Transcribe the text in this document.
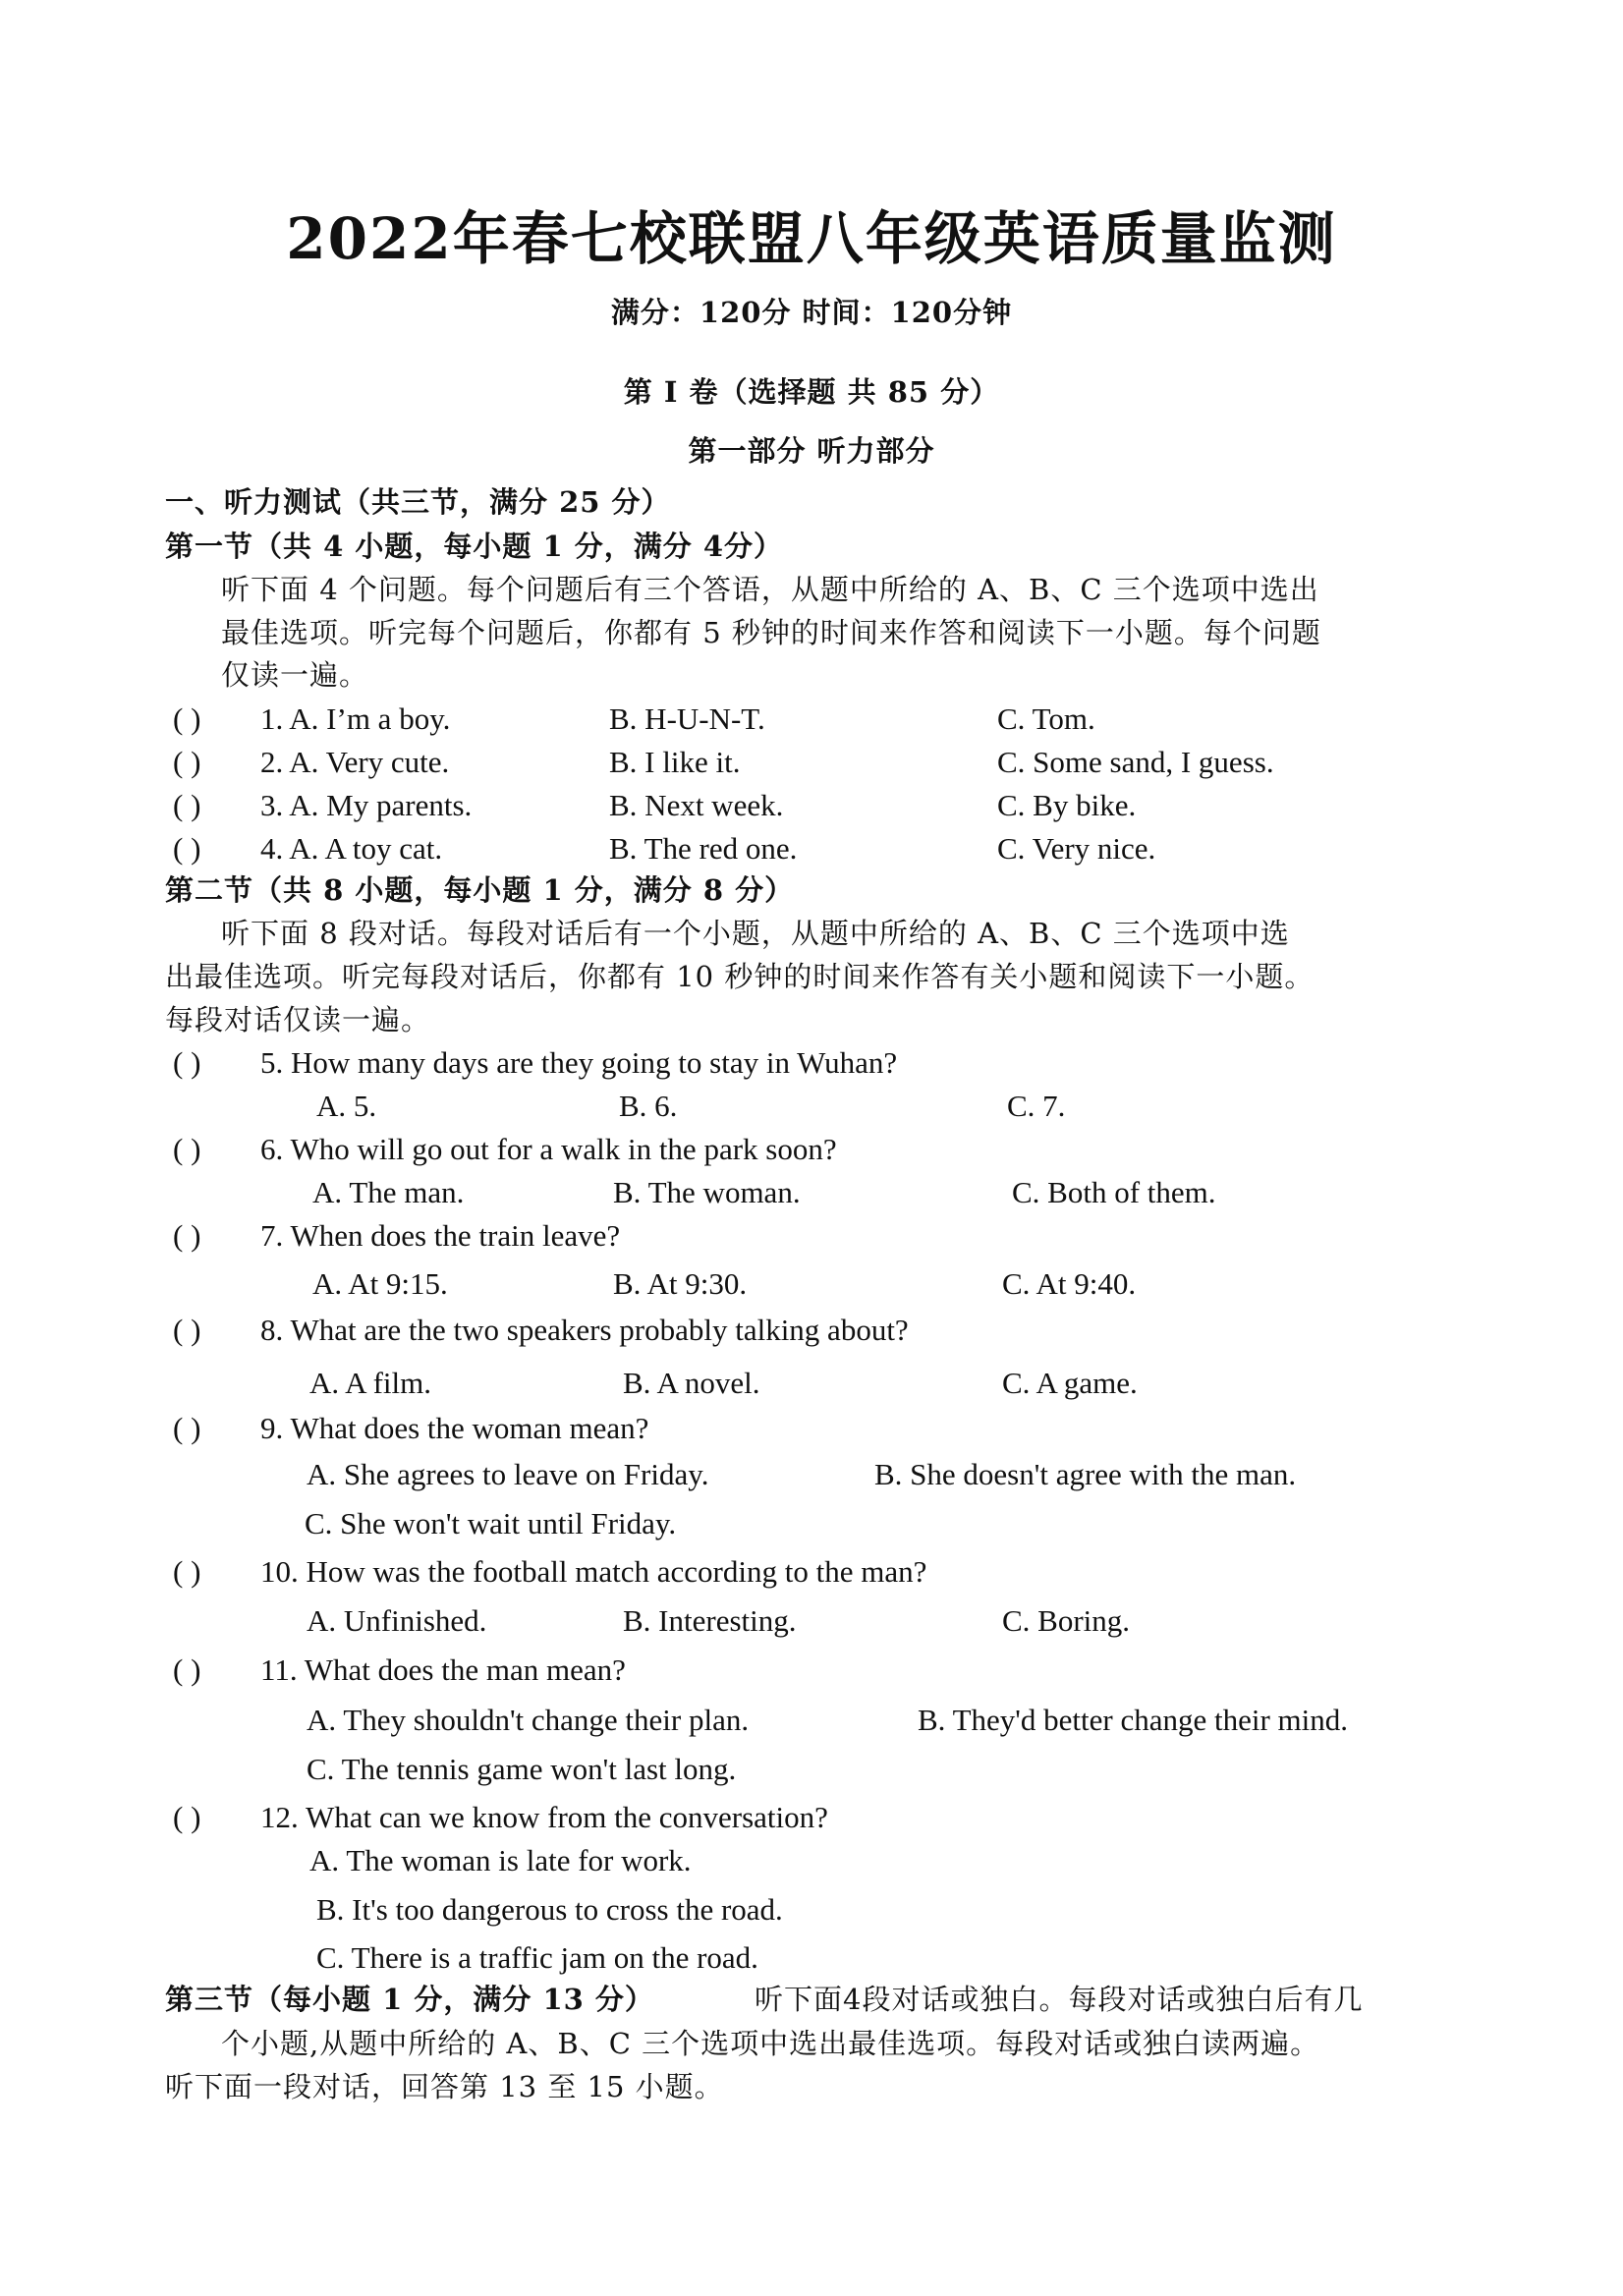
2022年春七校联盟八年级英语质量监测
满分：120分 时间：120分钟
第 I 卷（选择题 共 85 分）
第一部分 听力部分
一、听力测试（共三节，满分 25 分）
第一节（共 4 小题，每小题 1 分，满分 4分）
听下面 4 个问题。每个问题后有三个答语，从题中所给的 A、B、C 三个选项中选出
最佳选项。听完每个问题后，你都有 5 秒钟的时间来作答和阅读下一小题。每个问题
仅读一遍。
( ) 1. A. I’m a boy.	B. H-U-N-T.	C. Tom.
( ) 2. A. Very cute.	B. I like it.	C. Some sand, I guess.
( ) 3. A. My parents.	B. Next week.	C. By bike.
( ) 4. A. A toy cat.	B. The red one.	C. Very nice.
第二节（共 8 小题，每小题 1 分，满分 8 分）
听下面 8 段对话。每段对话后有一个小题，从题中所给的 A、B、C 三个选项中选
出最佳选项。听完每段对话后，你都有 10 秒钟的时间来作答有关小题和阅读下一小题。
每段对话仅读一遍。
( ) 5. How many days are they going to stay in Wuhan?
A. 5.	B. 6.	C. 7.
( ) 6. Who will go out for a walk in the park soon?
A. The man.	B. The woman.	C. Both of them.
( ) 7. When does the train leave?
A. At 9:15.	B. At 9:30.	C. At 9:40.
( ) 8. What are the two speakers probably talking about?
A. A film.	B. A novel.	C. A game.
( ) 9. What does the woman mean?
A. She agrees to leave on Friday.	B. She doesn't agree with the man.
C. She won't wait until Friday.
( ) 10. How was the football match according to the man?
A. Unfinished.	B. Interesting.	C. Boring.
( ) 11. What does the man mean?
A. They shouldn't change their plan.	B. They'd better change their mind.
C. The tennis game won't last long.
( ) 12. What can we know from the conversation?
A. The woman is late for work.
B. It's too dangerous to cross the road.
C. There is a traffic jam on the road.
第三节（每小题 1 分，满分 13 分）	听下面4段对话或独白。每段对话或独白后有几
个小题,从题中所给的 A、B、C 三个选项中选出最佳选项。每段对话或独白读两遍。
听下面一段对话，回答第 13 至 15 小题。
